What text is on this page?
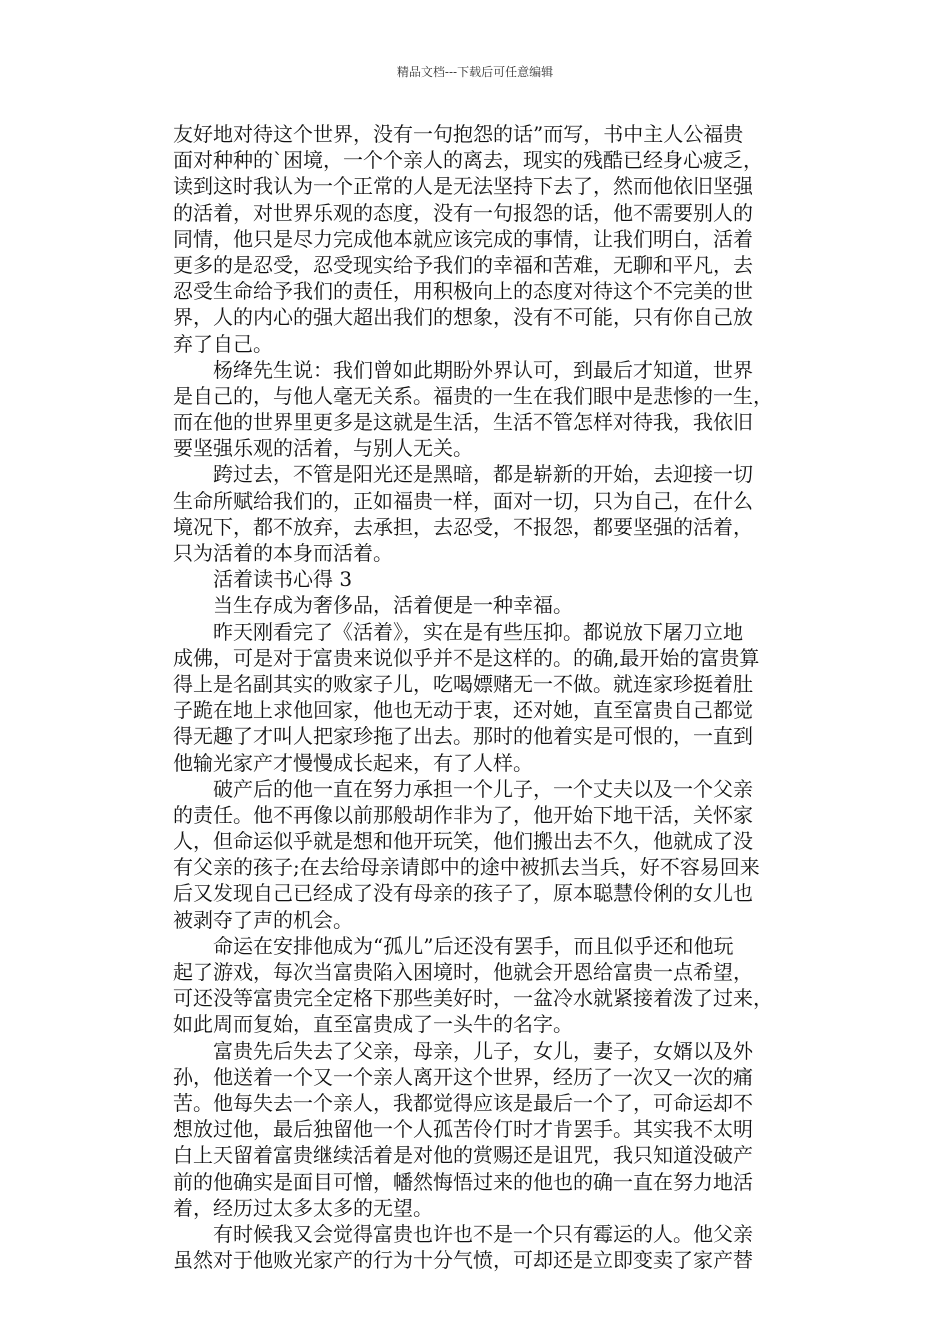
精品文档---下载后可任意编辑

友好地对待这个世界，没有一句抱怨的话”而写，书中主人公福贵
面对种种的`困境，一个个亲人的离去，现实的残酷已经身心疲乏，
读到这时我认为一个正常的人是无法坚持下去了，然而他依旧坚强
的活着，对世界乐观的态度，没有一句报怨的话，他不需要别人的
同情，他只是尽力完成他本就应该完成的事情，让我们明白，活着
更多的是忍受，忍受现实给予我们的幸福和苦难，无聊和平凡，去
忍受生命给予我们的责任，用积极向上的态度对待这个不完美的世
界，人的内心的强大超出我们的想象，没有不可能，只有你自己放
弃了自己。

杨绛先生说：我们曾如此期盼外界认可，到最后才知道，世界
是自己的，与他人毫无关系。福贵的一生在我们眼中是悲惨的一生，
而在他的世界里更多是这就是生活，生活不管怎样对待我，我依旧
要坚强乐观的活着，与别人无关。

跨过去，不管是阳光还是黑暗，都是崭新的开始，去迎接一切
生命所赋给我们的，正如福贵一样，面对一切，只为自己，在什么
境况下，都不放弃，去承担，去忍受，不报怨，都要坚强的活着，
只为活着的本身而活着。

活着读书心得 3

当生存成为奢侈品，活着便是一种幸福。

昨天刚看完了《活着》，实在是有些压抑。都说放下屠刀立地
成佛，可是对于富贵来说似乎并不是这样的。的确,最开始的富贵算
得上是名副其实的败家子儿，吃喝嫖赌无一不做。就连家珍挺着肚
子跪在地上求他回家，他也无动于衷，还对她，直至富贵自己都觉
得无趣了才叫人把家珍拖了出去。那时的他着实是可恨的，一直到
他输光家产才慢慢成长起来，有了人样。

破产后的他一直在努力承担一个儿子，一个丈夫以及一个父亲
的责任。他不再像以前那般胡作非为了，他开始下地干活，关怀家
人，但命运似乎就是想和他开玩笑，他们搬出去不久，他就成了没
有父亲的孩子;在去给母亲请郎中的途中被抓去当兵，好不容易回来
后又发现自己已经成了没有母亲的孩子了，原本聪慧伶俐的女儿也
被剥夺了声的机会。

命运在安排他成为“孤儿”后还没有罢手，而且似乎还和他玩
起了游戏，每次当富贵陷入困境时，他就会开恩给富贵一点希望，
可还没等富贵完全定格下那些美好时，一盆冷水就紧接着泼了过来，
如此周而复始，直至富贵成了一头牛的名字。

富贵先后失去了父亲，母亲，儿子，女儿，妻子，女婿以及外
孙，他送着一个又一个亲人离开这个世界，经历了一次又一次的痛
苦。他每失去一个亲人，我都觉得应该是最后一个了，可命运却不
想放过他，最后独留他一个人孤苦伶仃时才肯罢手。其实我不太明
白上天留着富贵继续活着是对他的赏赐还是诅咒，我只知道没破产
前的他确实是面目可憎，幡然悔悟过来的他也的确一直在努力地活
着，经历过太多太多的无望。

有时候我又会觉得富贵也许也不是一个只有霉运的人。他父亲
虽然对于他败光家产的行为十分气愤，可却还是立即变卖了家产替
